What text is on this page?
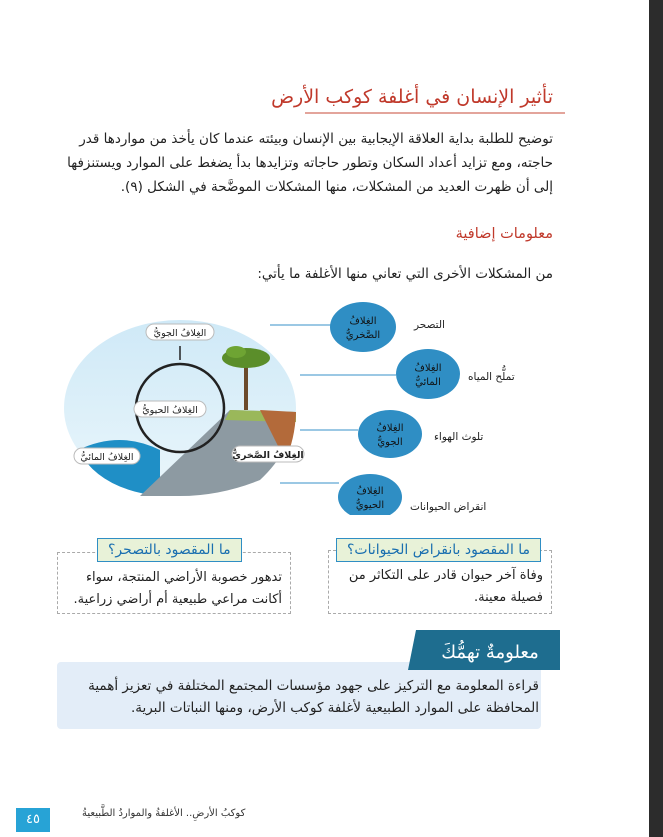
تأثير الإنسان في أغلفة كوكب الأرض
توضيح للطلبة بداية العلاقة الإيجابية بين الإنسان وبيئته عندما كان يأخذ من مواردها قدر حاجته، ومع تزايد أعداد السكان وتطور حاجاته وتزايدها بدأ يضغط على الموارد ويستنزفها إلى أن ظهرت العديد من المشكلات، منها المشكلات الموضَّحة في الشكل (٩).
معلومات إضافية
من المشكلات الأخرى التي تعاني منها الأغلفة ما يأتي:
الغِلافُ الجويُّ
الغِلافُ الحيويُّ
الغِلافُ المائيُّ	الغِلافُ الصَّخريُّ
الغِلافُ
الصَّخريُّ
الغِلافُ
المائيُّ
الغِلافُ
الجويُّ
الغِلافُ
الحيويُّ
التصحر
تملُّح المياه
تلوث الهواء
انقراض الحيوانات
وفاة آخر حيوان قادر على التكاثر من فصيلة معينة.
ما المقصود بانقراض الحيوانات؟
تدهور خصوبة الأراضي المنتجة، سواء أكانت مراعي طبيعية أم أراضي زراعية.
ما المقصود بالتصحر؟
معلومةٌ تهمُّكَ
قراءة المعلومة مع التركيز على جهود مؤسسات المجتمع المختلفة في تعزيز أهمية المحافظة على الموارد الطبيعية لأغلفة كوكب الأرض، ومنها النباتات البرية.
٤٥	كوكبُ الأرضِ.. الأغلفةُ والمواردُ الطَّبيعيةُ
